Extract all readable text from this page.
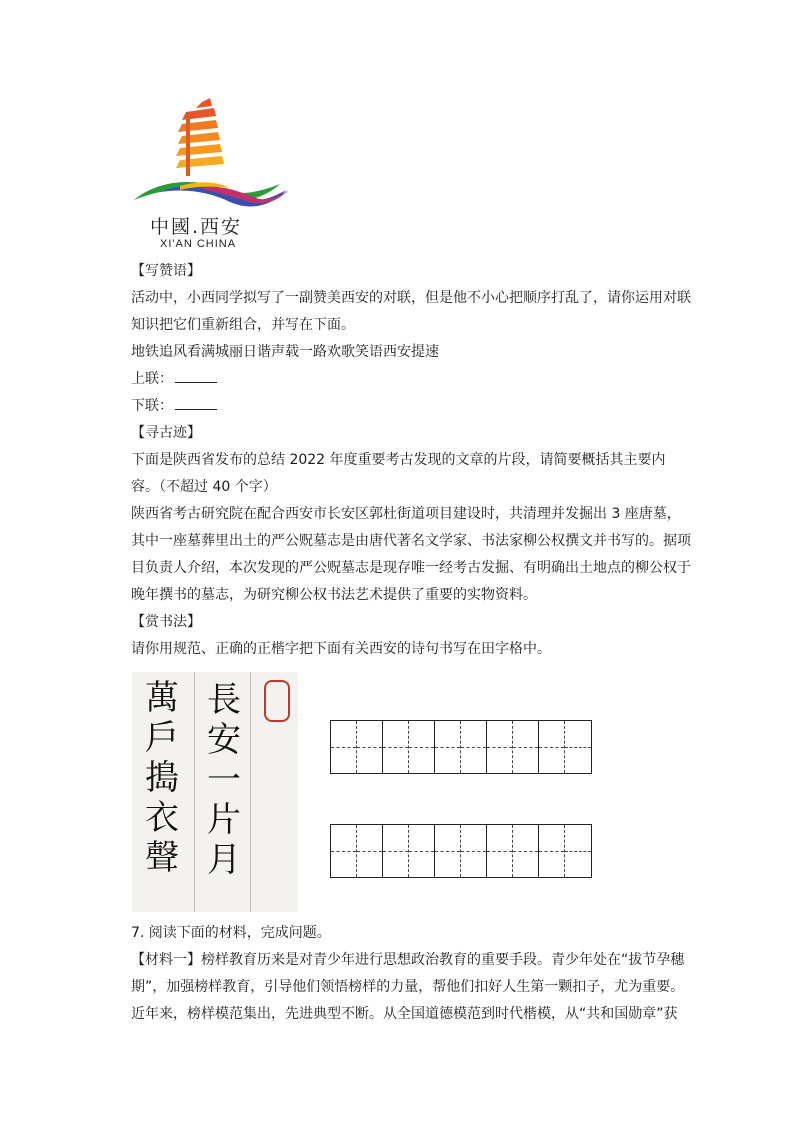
中國.西安
XI'AN CHINA

【写赞语】

活动中，小西同学拟写了一副赞美西安的对联，但是他不小心把顺序打乱了，请你运用对联知识把它们重新组合，并写在下面。

地铁追风看满城丽日谐声载一路欢歌笑语西安提速

上联：

下联：

【寻古迹】

下面是陕西省发布的总结 2022 年度重要考古发现的文章的片段，请简要概括其主要内容。（不超过 40 个字）

陕西省考古研究院在配合西安市长安区郭杜街道项目建设时，共清理并发掘出 3 座唐墓，其中一座墓葬里出土的严公贶墓志是由唐代著名文学家、书法家柳公权撰文并书写的。据项目负责人介绍，本次发现的严公贶墓志是现存唯一经考古发掘、有明确出土地点的柳公权于晚年撰书的墓志，为研究柳公权书法艺术提供了重要的实物资料。

【赏书法】

请你用规范、正确的正楷字把下面有关西安的诗句书写在田字格中。

長安一片月
萬戶搗衣聲

7. 阅读下面的材料，完成问题。

【材料一】榜样教育历来是对青少年进行思想政治教育的重要手段。青少年处在“拔节孕穗期”，加强榜样教育，引导他们领悟榜样的力量，帮他们扣好人生第一颗扣子，尤为重要。近年来，榜样模范集出，先进典型不断。从全国道德模范到时代楷模，从“共和国勋章”获
